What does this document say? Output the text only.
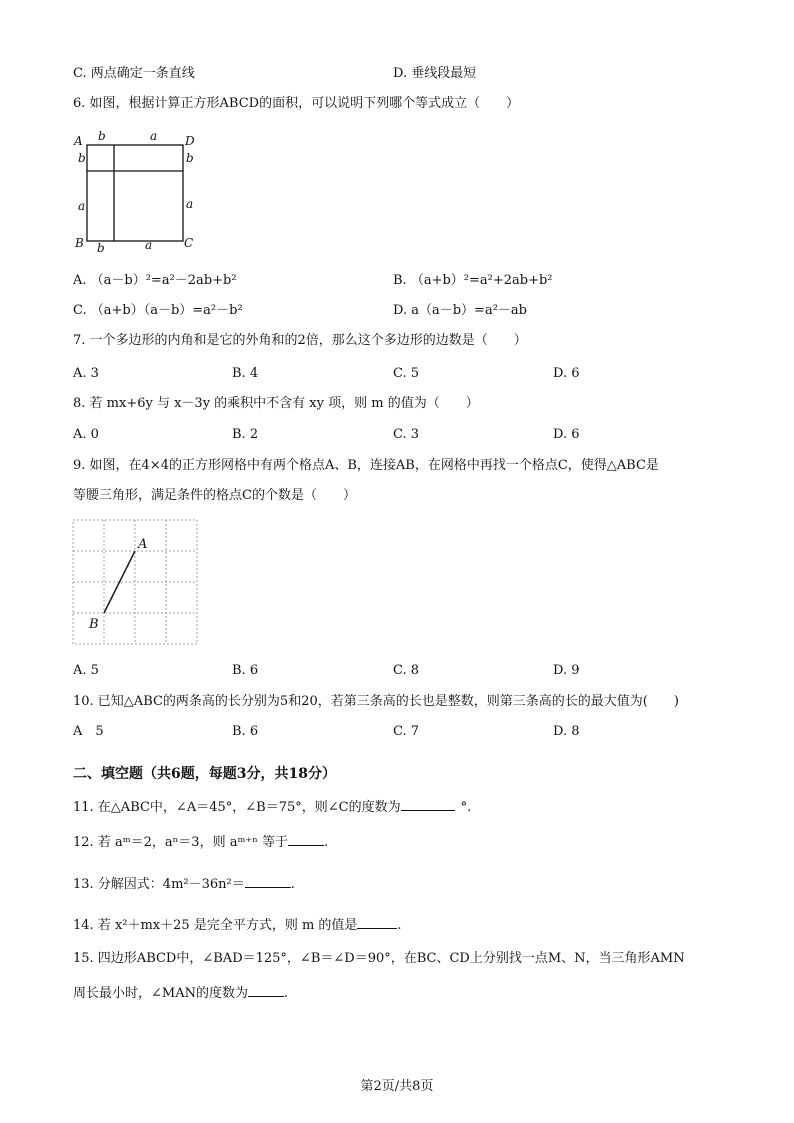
C. 两点确定一条直线	D. 垂线段最短
6. 如图，根据计算正方形ABCD的面积，可以说明下列哪个等式成立（　　）
A	D
B	C
b	a
b
a
b
a
b	a
A. （a－b）²=a²－2ab+b²	B. （a+b）²=a²+2ab+b²
C. （a+b）（a－b）=a²－b²	D. a（a－b）=a²－ab
7. 一个多边形的内角和是它的外角和的2倍，那么这个多边形的边数是（　　）
A. 3	B. 4	C. 5	D. 6
8. 若 mx+6y 与 x－3y 的乘积中不含有 xy 项，则 m 的值为（　　）
A. 0	B. 2	C. 3	D. 6
9. 如图，在4×4的正方形网格中有两个格点A、B，连接AB，在网格中再找一个格点C，使得△ABC是
等腰三角形，满足条件的格点C的个数是（　　）
A
B
A. 5	B. 6	C. 8	D. 9
10. 已知△ABC的两条高的长分别为5和20，若第三条高的长也是整数，则第三条高的长的最大值为(　　)
A　5	B. 6	C. 7	D. 8
二、填空题（共6题，每题3分，共18分）
11. 在△ABC中，∠A＝45°，∠B＝75°，则∠C的度数为	°.
12. 若 aᵐ＝2，aⁿ＝3，则 aᵐ⁺ⁿ 等于	.
13. 分解因式：4m²－36n²＝	.
14. 若 x²＋mx＋25 是完全平方式，则 m 的值是	.
15. 四边形ABCD中，∠BAD＝125°，∠B＝∠D＝90°，在BC、CD上分别找一点M、N，当三角形AMN
周长最小时，∠MAN的度数为	.
第2页/共8页
